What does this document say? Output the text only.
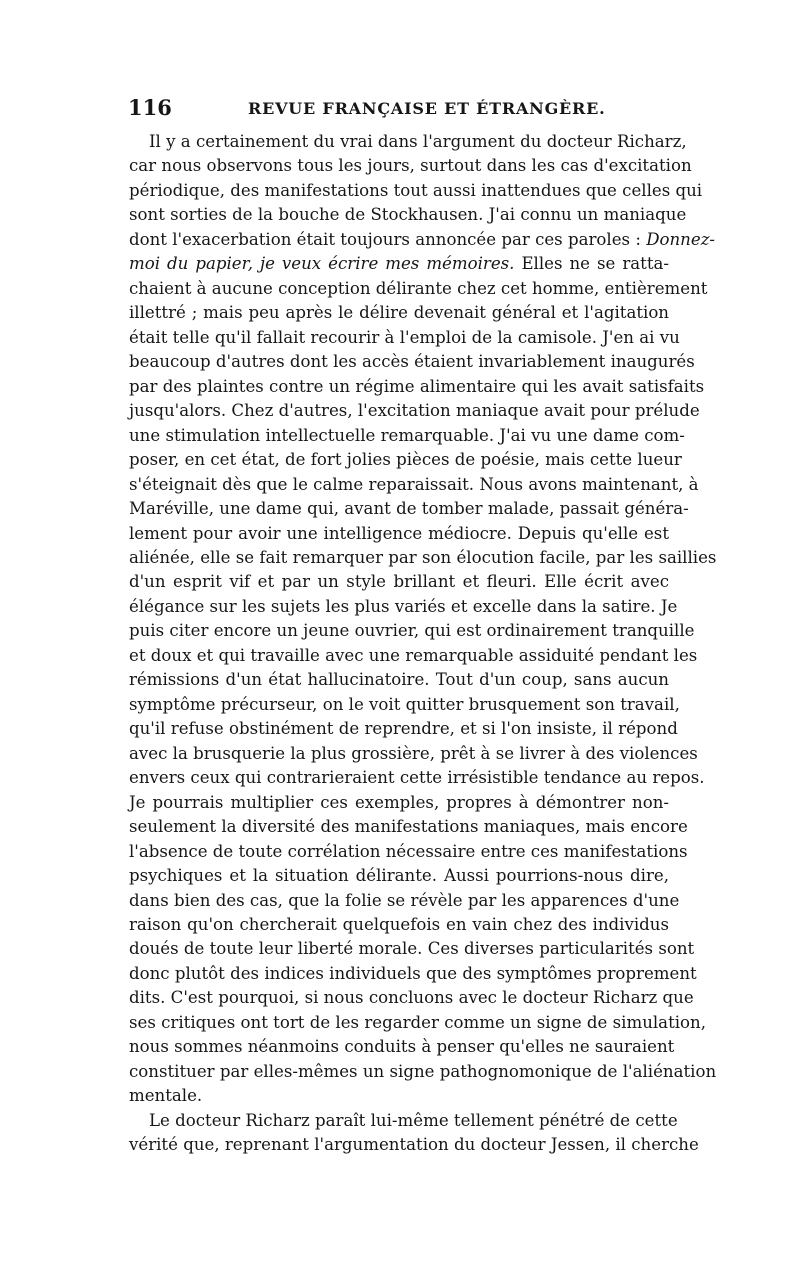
116	REVUE FRANÇAISE ET ÉTRANGÈRE.
Il y a certainement du vrai dans l'argument du docteur Richarz,
car nous observons tous les jours, surtout dans les cas d'excitation
périodique, des manifestations tout aussi inattendues que celles qui
sont sorties de la bouche de Stockhausen. J'ai connu un maniaque
dont l'exacerbation était toujours annoncée par ces paroles : Donnez-
moi du papier, je veux écrire mes mémoires. Elles ne se ratta-
chaient à aucune conception délirante chez cet homme, entièrement
illettré ; mais peu après le délire devenait général et l'agitation
était telle qu'il fallait recourir à l'emploi de la camisole. J'en ai vu
beaucoup d'autres dont les accès étaient invariablement inaugurés
par des plaintes contre un régime alimentaire qui les avait satisfaits
jusqu'alors. Chez d'autres, l'excitation maniaque avait pour prélude
une stimulation intellectuelle remarquable. J'ai vu une dame com-
poser, en cet état, de fort jolies pièces de poésie, mais cette lueur
s'éteignait dès que le calme reparaissait. Nous avons maintenant, à
Maréville, une dame qui, avant de tomber malade, passait généra-
lement pour avoir une intelligence médiocre. Depuis qu'elle est
aliénée, elle se fait remarquer par son élocution facile, par les saillies
d'un esprit vif et par un style brillant et fleuri. Elle écrit avec
élégance sur les sujets les plus variés et excelle dans la satire. Je
puis citer encore un jeune ouvrier, qui est ordinairement tranquille
et doux et qui travaille avec une remarquable assiduité pendant les
rémissions d'un état hallucinatoire. Tout d'un coup, sans aucun
symptôme précurseur, on le voit quitter brusquement son travail,
qu'il refuse obstinément de reprendre, et si l'on insiste, il répond
avec la brusquerie la plus grossière, prêt à se livrer à des violences
envers ceux qui contrarieraient cette irrésistible tendance au repos.
Je pourrais multiplier ces exemples, propres à démontrer non-
seulement la diversité des manifestations maniaques, mais encore
l'absence de toute corrélation nécessaire entre ces manifestations
psychiques et la situation délirante. Aussi pourrions-nous dire,
dans bien des cas, que la folie se révèle par les apparences d'une
raison qu'on chercherait quelquefois en vain chez des individus
doués de toute leur liberté morale. Ces diverses particularités sont
donc plutôt des indices individuels que des symptômes proprement
dits. C'est pourquoi, si nous concluons avec le docteur Richarz que
ses critiques ont tort de les regarder comme un signe de simulation,
nous sommes néanmoins conduits à penser qu'elles ne sauraient
constituer par elles-mêmes un signe pathognomonique de l'aliénation
mentale.
Le docteur Richarz paraît lui-même tellement pénétré de cette
vérité que, reprenant l'argumentation du docteur Jessen, il cherche
